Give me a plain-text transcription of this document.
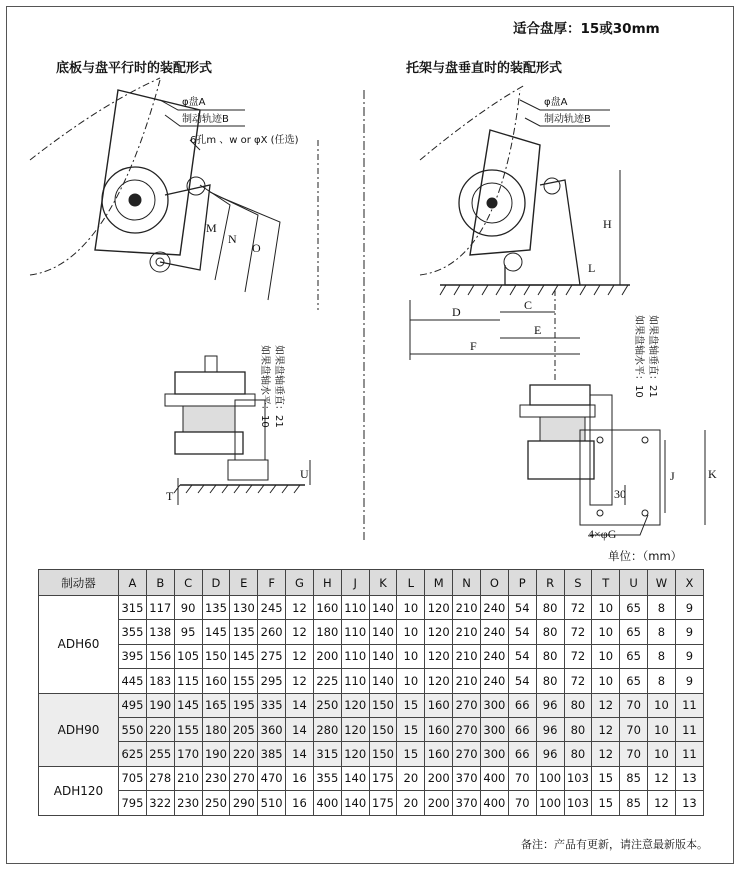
适合盘厚：15或30mm
底板与盘平行时的装配形式	托架与盘垂直时的装配形式
φ盘A
制动轨迹B
6孔m 、w or φX (任选)
M
N
O
T
U
如果盘轴水平：10 如果盘轴垂直：21
φ盘A
制动轨迹B
H
L
D	C
E
F
J	K
30
4×φG
如果盘轴水平：10 如果盘轴垂直：21
单位：（mm）
制动器	A	B	C	D	E	F	G	H	J	K	L	M	N	O	P	R	S	T	U	W	X
ADH60	315	117	90	135	130	245	12	160	110	140	10	120	210	240	54	80	72	10	65	8	9
	355	138	95	145	135	260	12	180	110	140	10	120	210	240	54	80	72	10	65	8	9
	395	156	105	150	145	275	12	200	110	140	10	120	210	240	54	80	72	10	65	8	9
	445	183	115	160	155	295	12	225	110	140	10	120	210	240	54	80	72	10	65	8	9
ADH90	495	190	145	165	195	335	14	250	120	150	15	160	270	300	66	96	80	12	70	10	11
	550	220	155	180	205	360	14	280	120	150	15	160	270	300	66	96	80	12	70	10	11
	625	255	170	190	220	385	14	315	120	150	15	160	270	300	66	96	80	12	70	10	11
ADH120	705	278	210	230	270	470	16	355	140	175	20	200	370	400	70	100	103	15	85	12	13
	795	322	230	250	290	510	16	400	140	175	20	200	370	400	70	100	103	15	85	12	13
备注：产品有更新，请注意最新版本。
